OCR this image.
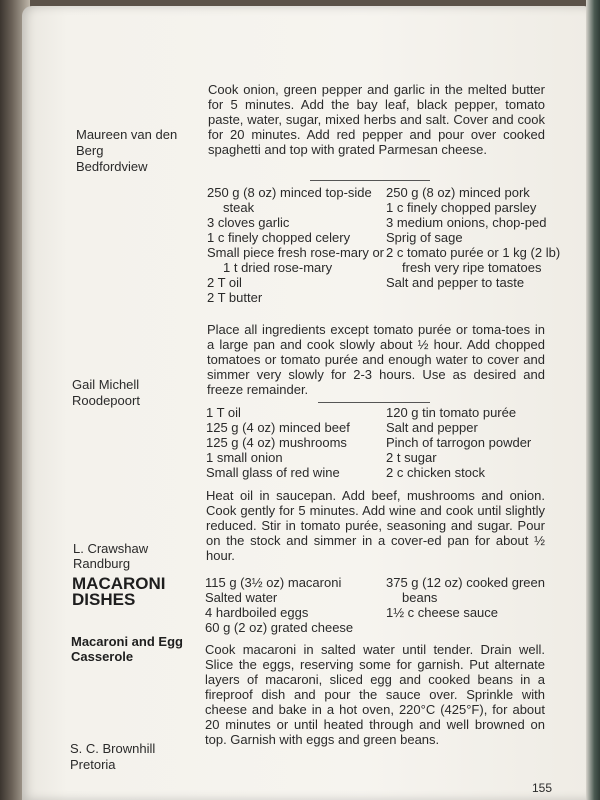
Maureen van den Berg
Bedfordview
Cook onion, green pepper and garlic in the melted butter for 5 minutes. Add the bay leaf, black pepper, tomato paste, water, sugar, mixed herbs and salt. Cover and cook for 20 minutes. Add red pepper and pour over cooked spaghetti and top with grated Parmesan cheese.
Gail Michell
Roodepoort
250 g (8 oz) minced top-side steak
3 cloves garlic
1 c finely chopped celery
Small piece fresh rose-mary or 1 t dried rose-mary
2 T oil
2 T butter
250 g (8 oz) minced pork
1 c finely chopped parsley
3 medium onions, chop-ped
Sprig of sage
2 c tomato purée or 1 kg (2 lb) fresh very ripe tomatoes
Salt and pepper to taste
Place all ingredients except tomato purée or toma-toes in a large pan and cook slowly about ½ hour. Add chopped tomatoes or tomato purée and enough water to cover and simmer very slowly for 2-3 hours. Use as desired and freeze remainder.
L. Crawshaw
Randburg
1 T oil
125 g (4 oz) minced beef
125 g (4 oz) mushrooms
1 small onion
Small glass of red wine
120 g tin tomato purée
Salt and pepper
Pinch of tarrogon powder
2 t sugar
2 c chicken stock
Heat oil in saucepan. Add beef, mushrooms and onion. Cook gently for 5 minutes. Add wine and cook until slightly reduced. Stir in tomato purée, seasoning and sugar. Pour on the stock and simmer in a cover-ed pan for about ½ hour.
MACARONI
DISHES
Macaroni and Egg
Casserole
115 g (3½ oz) macaroni
Salted water
4 hardboiled eggs
60 g (2 oz) grated cheese
375 g (12 oz) cooked green beans
1½ c cheese sauce
Cook macaroni in salted water until tender. Drain well. Slice the eggs, reserving some for garnish. Put alternate layers of macaroni, sliced egg and cooked beans in a fireproof dish and pour the sauce over. Sprinkle with cheese and bake in a hot oven, 220°C (425°F), for about 20 minutes or until heated through and well browned on top. Garnish with eggs and green beans.
S. C. Brownhill
Pretoria
155
